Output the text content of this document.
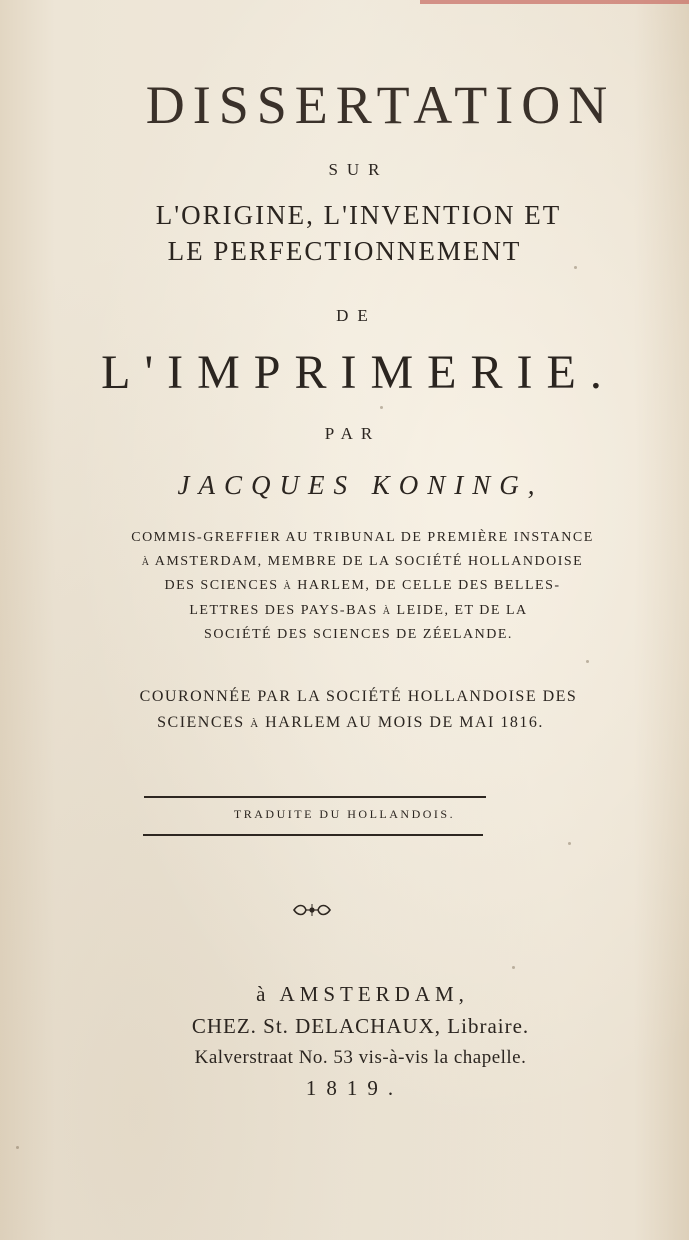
DISSERTATION
SUR
L'ORIGINE, L'INVENTION ET
LE PERFECTIONNEMENT
DE
L'IMPRIMERIE.
PAR
JACQUES KONING,
COMMIS-GREFFIER AU TRIBUNAL DE PREMIÈRE INSTANCE
à AMSTERDAM, MEMBRE DE LA SOCIÉTÉ HOLLANDOISE
DES SCIENCES à HARLEM, DE CELLE DES BELLES-
LETTRES DES PAYS-BAS à LEIDE, ET DE LA
SOCIÉTÉ DES SCIENCES DE ZÉELANDE.
COURONNÉE PAR LA SOCIÉTÉ HOLLANDOISE DES
SCIENCES à HARLEM AU MOIS DE MAI 1816.
TRADUITE DU HOLLANDOIS.
à AMSTERDAM,
CHEZ. St. DELACHAUX, Libraire.
Kalverstraat No. 53 vis-à-vis la chapelle.
1819.
